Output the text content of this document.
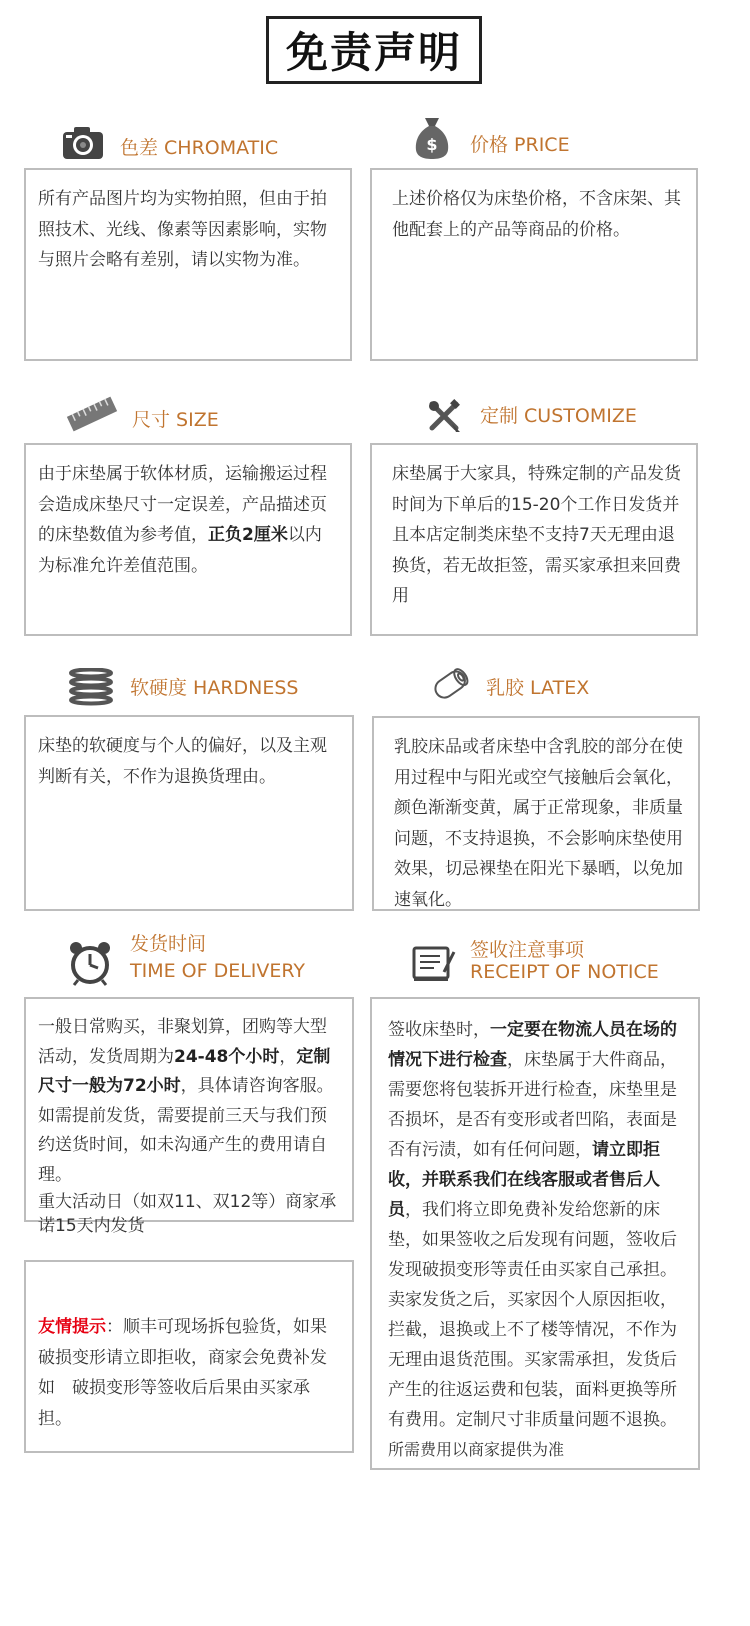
免责声明
色差 CHROMATIC

所有产品图片均为实物拍照，但由于拍照技术、光线、像素等因素影响，实物与照片会略有差别，请以实物为准。

$ 价格 PRICE

上述价格仅为床垫价格，不含床架、其他配套上的产品等商品的价格。

尺寸 SIZE

由于床垫属于软体材质，运输搬运过程会造成床垫尺寸一定误差，产品描述页的床垫数值为参考值，正负2厘米以内为标准允许差值范围。

定制 CUSTOMIZE

床垫属于大家具，特殊定制的产品发货时间为下单后的15-20个工作日发货并且本店定制类床垫不支持7天无理由退换货，若无故拒签，需买家承担来回费用

软硬度 HARDNESS

床垫的软硬度与个人的偏好，以及主观判断有关，不作为退换货理由。

乳胶 LATEX

乳胶床品或者床垫中含乳胶的部分在使用过程中与阳光或空气接触后会氧化，颜色渐渐变黄，属于正常现象，非质量问题，不支持退换，不会影响床垫使用效果，切忌裸垫在阳光下暴晒，以免加速氧化。

发货时间
TIME OF DELIVERY

一般日常购买，非聚划算，团购等大型活动，发货周期为24-48个小时，定制尺寸一般为72小时，具体请咨询客服。如需提前发货，需要提前三天与我们预约送货时间，如未沟通产生的费用请自理。

重大活动日（如双11、双12等）商家承诺15天内发货

签收注意事项
RECEIPT OF NOTICE

签收床垫时，一定要在物流人员在场的情况下进行检查，床垫属于大件商品，需要您将包装拆开进行检查，床垫里是否损坏，是否有变形或者凹陷，表面是否有污渍，如有任何问题，请立即拒收，并联系我们在线客服或者售后人员，我们将立即免费补发给您新的床垫，如果签收之后发现有问题，签收后发现破损变形等责任由买家自己承担。卖家发货之后，买家因个人原因拒收，拦截，退换或上不了楼等情况，不作为无理由退货范围。买家需承担，发货后产生的往返运费和包装，面料更换等所有费用。定制尺寸非质量问题不退换。

所需费用以商家提供为准

友情提示：顺丰可现场拆包验货，如果破损变形请立即拒收，商家会免费补发如　破损变形等签收后后果由买家承担。
